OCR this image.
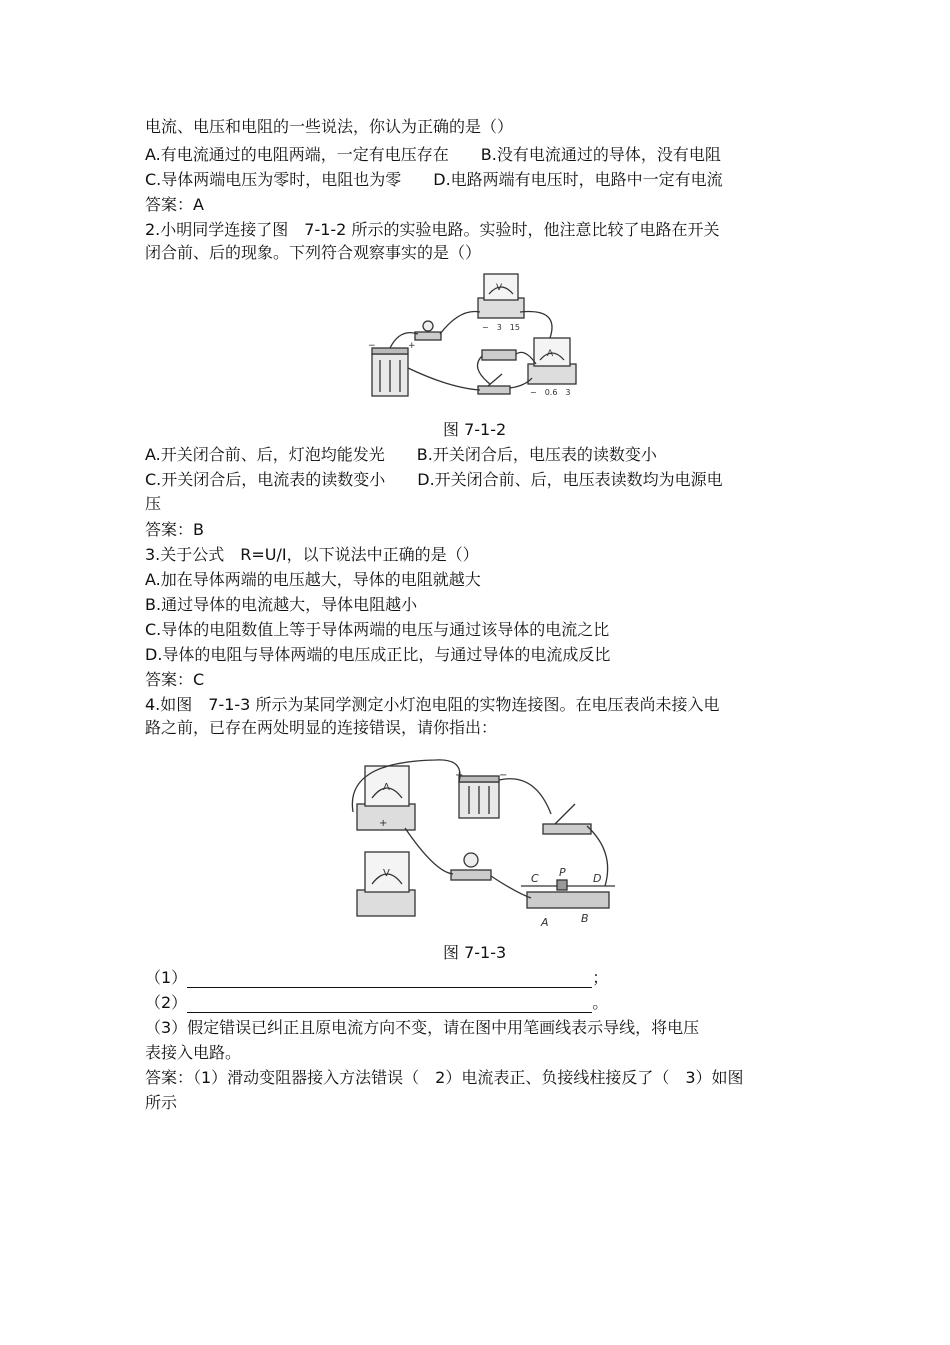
电流、电压和电阻的一些说法，你认为正确的是（）
A.有电流通过的电阻两端，一定有电压存在　　B.没有电流通过的导体，没有电阻
C.导体两端电压为零时，电阻也为零　　D.电路两端有电压时，电路中一定有电流
答案：A
2.小明同学连接了图　7-1-2 所示的实验电路。实验时，他注意比较了电路在开关
闭合前、后的现象。下列符合观察事实的是（）
V
A
−　3　15
−　0.6　3
−	+
图 7-1-2
A.开关闭合前、后，灯泡均能发光　　B.开关闭合后，电压表的读数变小
C.开关闭合后，电流表的读数变小　　D.开关闭合前、后，电压表读数均为电源电
压
答案：B
3.关于公式　R=U/I，以下说法中正确的是（）
A.加在导体两端的电压越大，导体的电阻就越大
B.通过导体的电流越大，导体电阻越小
C.导体的电阻数值上等于导体两端的电压与通过该导体的电流之比
D.导体的电阻与导体两端的电压成正比，与通过导体的电流成反比
答案：C
4.如图　7-1-3 所示为某同学测定小灯泡电阻的实物连接图。在电压表尚未接入电
路之前，已存在两处明显的连接错误，请你指出：
A
V
+
+	−
C P D
A	B
图 7-1-3
（1）	；
（2）	。
（3）假定错误已纠正且原电流方向不变，请在图中用笔画线表示导线，将电压
表接入电路。
答案：（1）滑动变阻器接入方法错误（　2）电流表正、负接线柱接反了（　3）如图
所示
